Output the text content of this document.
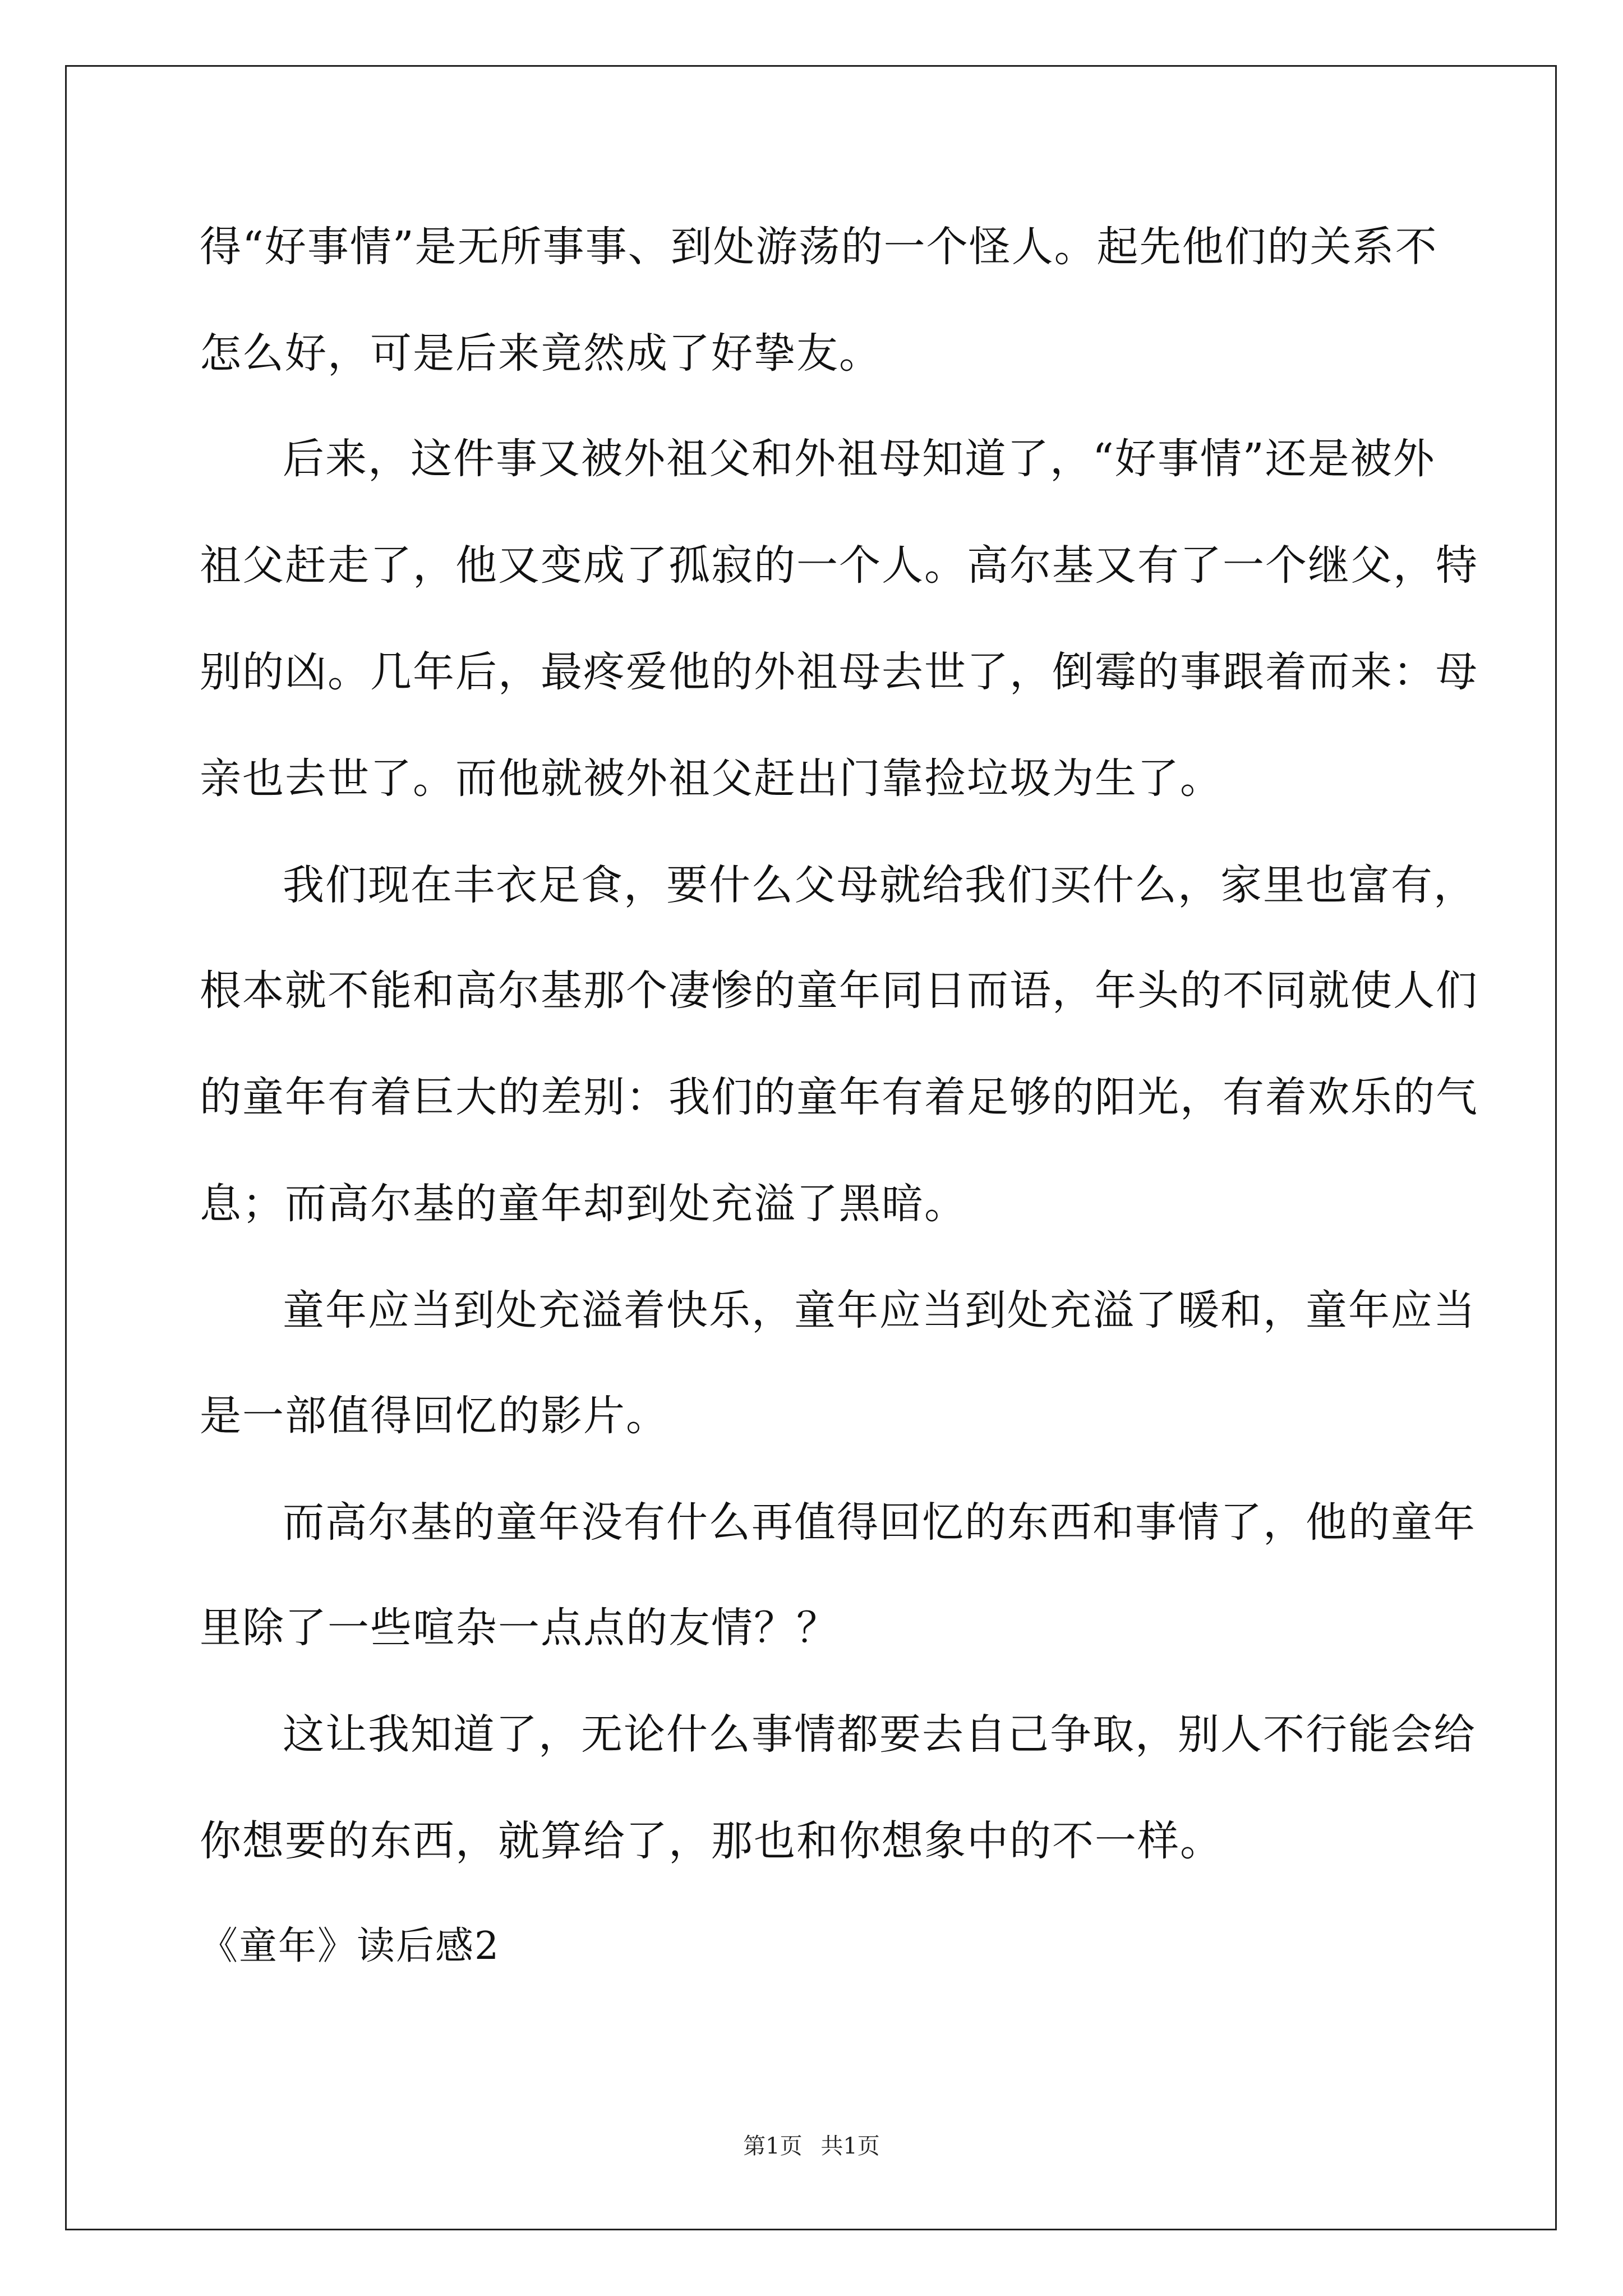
得“好事情”是无所事事、到处游荡的一个怪人。起先他们的关系不
怎么好，可是后来竟然成了好挚友。
后来，这件事又被外祖父和外祖母知道了，“好事情”还是被外
祖父赶走了，他又变成了孤寂的一个人。高尔基又有了一个继父，特
别的凶。几年后，最疼爱他的外祖母去世了，倒霉的事跟着而来：母
亲也去世了。而他就被外祖父赶出门靠捡垃圾为生了。
我们现在丰衣足食，要什么父母就给我们买什么，家里也富有，
根本就不能和高尔基那个凄惨的童年同日而语，年头的不同就使人们
的童年有着巨大的差别：我们的童年有着足够的阳光，有着欢乐的气
息；而高尔基的童年却到处充溢了黑暗。
童年应当到处充溢着快乐，童年应当到处充溢了暖和，童年应当
是一部值得回忆的影片。
而高尔基的童年没有什么再值得回忆的东西和事情了，他的童年
里除了一些喧杂一点点的友情？？
这让我知道了，无论什么事情都要去自己争取，别人不行能会给
你想要的东西，就算给了，那也和你想象中的不一样。
《童年》读后感2
第1页 共1页
